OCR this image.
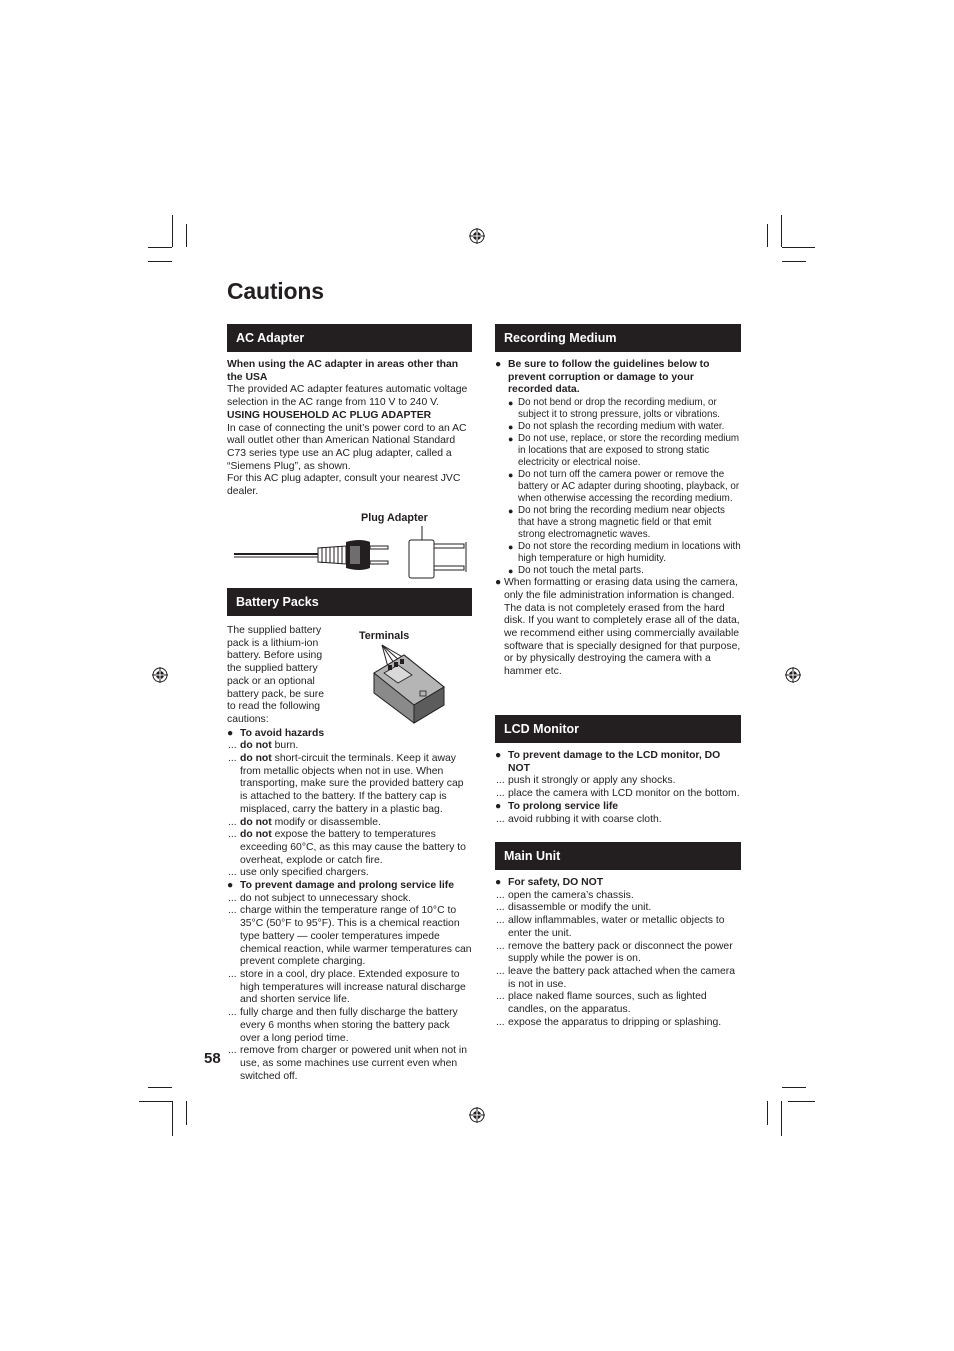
Cautions
AC Adapter

When using the AC adapter in areas other than the USA

The provided AC adapter features automatic voltage selection in the AC range from 110 V to 240 V.

USING HOUSEHOLD AC PLUG ADAPTER

In case of connecting the unit’s power cord to an AC wall outlet other than American National Standard C73 series type use an AC plug adapter, called a “Siemens Plug”, as shown.

For this AC plug adapter, consult your nearest JVC dealer.

Plug Adapter
Battery Packs

The supplied battery pack is a lithium-ion battery. Before using the supplied battery pack or an optional battery pack, be sure to read the following cautions:

● To avoid hazards
... do not burn.
... do not short-circuit the terminals. Keep it away from metallic objects when not in use. When transporting, make sure the provided battery cap is attached to the battery. If the battery cap is misplaced, carry the battery in a plastic bag.
... do not modify or disassemble.
... do not expose the battery to temperatures exceeding 60°C, as this may cause the battery to overheat, explode or catch fire.
... use only specified chargers.
● To prevent damage and prolong service life
... do not subject to unnecessary shock.
... charge within the temperature range of 10°C to 35°C (50°F to 95°F). This is a chemical reaction type battery — cooler temperatures impede chemical reaction, while warmer temperatures can prevent complete charging.
... store in a cool, dry place. Extended exposure to high temperatures will increase natural discharge and shorten service life.
... fully charge and then fully discharge the battery every 6 months when storing the battery pack over a long period time.
... remove from charger or powered unit when not in use, as some machines use current even when switched off.
Terminals
58
Recording Medium
● Be sure to follow the guidelines below to prevent corruption or damage to your recorded data.
● Do not bend or drop the recording medium, or subject it to strong pressure, jolts or vibrations.
● Do not splash the recording medium with water.
● Do not use, replace, or store the recording medium in locations that are exposed to strong static electricity or electrical noise.
● Do not turn off the camera power or remove the battery or AC adapter during shooting, playback, or when otherwise accessing the recording medium.
● Do not bring the recording medium near objects that have a strong magnetic field or that emit strong electromagnetic waves.
● Do not store the recording medium in locations with high temperature or high humidity.
● Do not touch the metal parts.
● When formatting or erasing data using the camera, only the file administration information is changed. The data is not completely erased from the hard disk. If you want to completely erase all of the data, we recommend either using commercially available software that is specially designed for that purpose, or by physically destroying the camera with a hammer etc.
LCD Monitor
● To prevent damage to the LCD monitor, DO NOT
... push it strongly or apply any shocks.
... place the camera with LCD monitor on the bottom.
● To prolong service life
... avoid rubbing it with coarse cloth.
Main Unit
● For safety, DO NOT
... open the camera’s chassis.
... disassemble or modify the unit.
... allow inflammables, water or metallic objects to enter the unit.
... remove the battery pack or disconnect the power supply while the power is on.
... leave the battery pack attached when the camera is not in use.
... place naked flame sources, such as lighted candles, on the apparatus.
... expose the apparatus to dripping or splashing.
